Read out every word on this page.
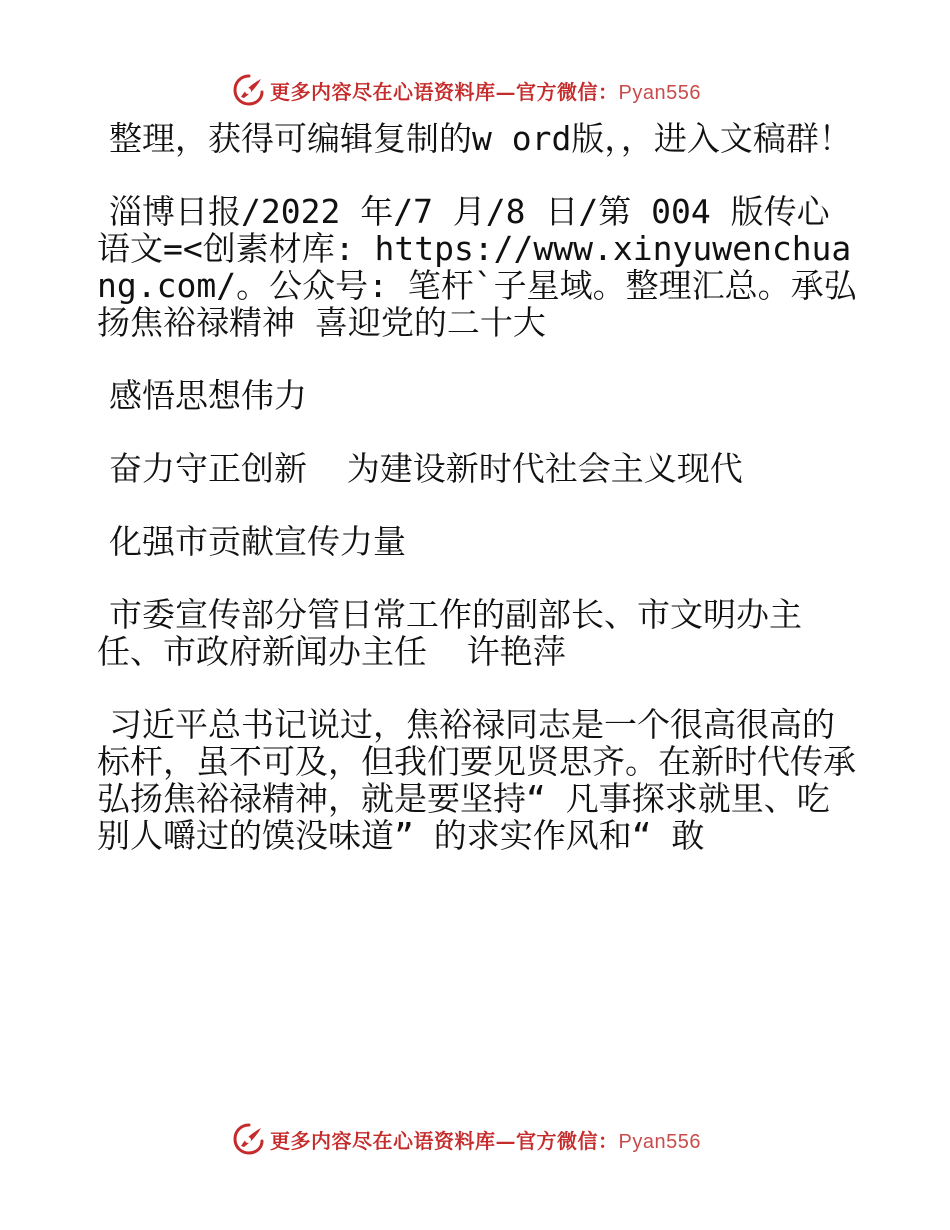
更多内容尽在心语资料库—官方微信：Pyan556

整理，获得可编辑复制的w ord版，，进入文稿群！

淄博日报/2022 年/7 月/8 日/第 004 版传心语文=<创素材库: https://www.xinyuwenchuang.com/。公众号: 笔杆`子星域。整理汇总。承弘扬焦裕禄精神 喜迎党的二十大

感悟思想伟力

奋力守正创新  为建设新时代社会主义现代

化强市贡献宣传力量

市委宣传部分管日常工作的副部长、市文明办主任、市政府新闻办主任  许艳萍

习近平总书记说过，焦裕禄同志是一个很高很高的标杆，虽不可及，但我们要见贤思齐。在新时代传承弘扬焦裕禄精神，就是要坚持“ 凡事探求就里、吃别人嚼过的馍没味道” 的求实作风和“ 敢

更多内容尽在心语资料库—官方微信：Pyan556
